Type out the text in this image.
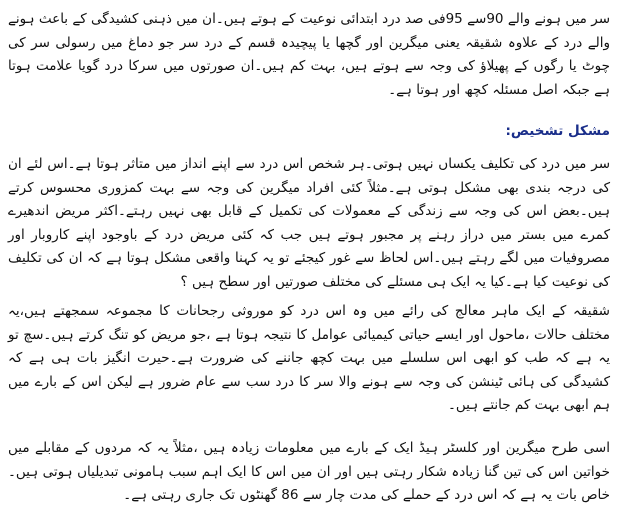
سر میں ہونے والے 90سے 95فی صد درد ابتدائی نوعیت کے ہوتے ہیں۔ان میں ذہنی کشیدگی کے باعث ہونے والے درد کے علاوہ شقیقہ یعنی میگرین اور گچھا یا پیچیدہ قسم کے درد سر جو دماغ میں رسولی سر کی چوٹ یا رگوں کے پھیلاؤ کی وجہ سے ہوتے ہیں، بہت کم ہیں۔ان صورتوں میں سرکا درد گویا علامت ہوتا ہے جبکہ اصل مسئلہ کچھ اور ہوتا ہے۔

مشکل تشخیص:

سر میں درد کی تکلیف یکساں نہیں ہوتی۔ہر شخص اس درد سے اپنے انداز میں متاثر ہوتا ہے۔اس لئے ان کی درجہ بندی بھی مشکل ہوتی ہے۔مثلاً کئی افراد میگرین کی وجہ سے بہت کمزوری محسوس کرتے ہیں۔بعض اس کی وجہ سے زندگی کے معمولات کی تکمیل کے قابل بھی نہیں رہتے۔اکثر مریض اندھیرے کمرے میں بستر میں دراز رہنے پر مجبور ہوتے ہیں جب کہ کئی مریض درد کے باوجود اپنے کاروبار اور مصروفیات میں لگے رہتے ہیں۔اس لحاظ سے غور کیجئے تو یہ کہنا واقعی مشکل ہوتا ہے کہ ان کی تکلیف کی نوعیت کیا ہے۔کیا یہ ایک ہی مسئلے کی مختلف صورتیں اور سطح ہیں ؟

شقیقہ کے ایک ماہر معالج کی رائے میں وہ اس درد کو موروثی رجحانات کا مجموعہ سمجھتے ہیں،یہ مختلف حالات ،ماحول اور ایسے حیاتی کیمیائی عوامل کا نتیجہ ہوتا ہے ،جو مریض کو تنگ کرتے ہیں۔سچ تو یہ ہے کہ طب کو ابھی اس سلسلے میں بہت کچھ جاننے کی ضرورت ہے۔حیرت انگیز بات ہی ہے کہ کشیدگی کی ہائی ٹینشن کی وجہ سے ہونے والا سر کا درد سب سے عام ضرور ہے لیکن اس کے بارے میں ہم ابھی بہت کم جانتے ہیں۔

اسی طرح میگرین اور کلسٹر ہیڈ ایک کے بارے میں معلومات زیادہ ہیں ،مثلاً یہ کہ مردوں کے مقابلے میں خواتین اس کی تین گنا زیادہ شکار رہتی ہیں اور ان میں اس کا ایک اہم سبب ہامونی تبدیلیاں ہوتی ہیں۔خاص بات یہ ہے کہ اس درد کے حملے کی مدت چار سے 86 گھنٹوں تک جاری رہتی ہے۔
